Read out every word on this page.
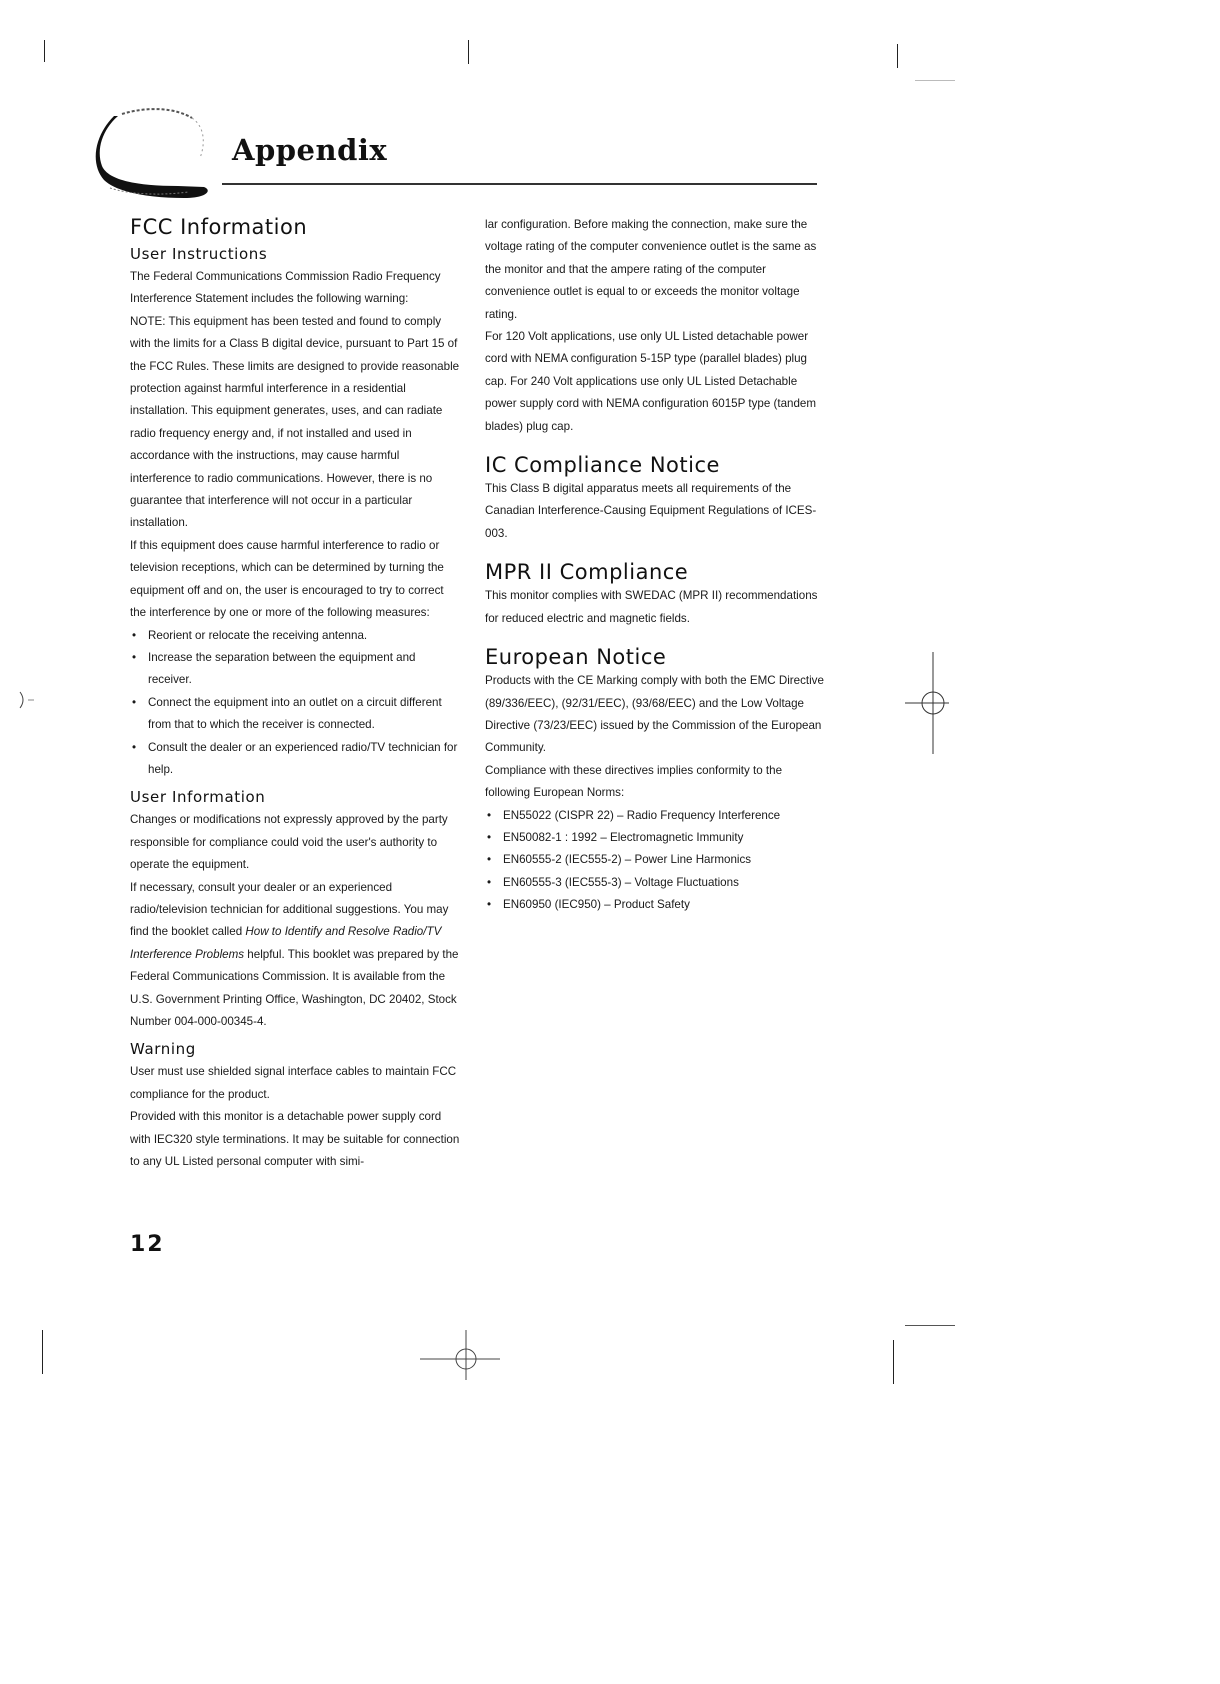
Appendix
FCC Information
User Instructions

The Federal Communications Commission Radio Frequency Interference Statement includes the following warning:

NOTE: This equipment has been tested and found to comply with the limits for a Class B digital device, pursuant to Part 15 of the FCC Rules. These limits are designed to provide reasonable protection against harmful interference in a residential installation. This equipment generates, uses, and can radiate radio frequency energy and, if not installed and used in accordance with the instructions, may cause harmful interference to radio communications. However, there is no guarantee that interference will not occur in a particular installation.

If this equipment does cause harmful interference to radio or television receptions, which can be determined by turning the equipment off and on, the user is encouraged to try to correct the interference by one or more of the following measures:

• Reorient or relocate the receiving antenna.
• Increase the separation between the equipment and receiver.
• Connect the equipment into an outlet on a circuit different from that to which the receiver is connected.
• Consult the dealer or an experienced radio/TV technician for help.
User Information

Changes or modifications not expressly approved by the party responsible for compliance could void the user's authority to operate the equipment.

If necessary, consult your dealer or an experienced radio/television technician for additional suggestions. You may find the booklet called How to Identify and Resolve Radio/TV Interference Problems helpful. This booklet was prepared by the Federal Communications Commission. It is available from the U.S. Government Printing Office, Washington, DC 20402, Stock Number 004-000-00345-4.

Warning

User must use shielded signal interface cables to maintain FCC compliance for the product.

Provided with this monitor is a detachable power supply cord with IEC320 style terminations. It may be suitable for connection to any UL Listed personal computer with simi-

lar configuration. Before making the connection, make sure the voltage rating of the computer convenience outlet is the same as the monitor and that the ampere rating of the computer convenience outlet is equal to or exceeds the monitor voltage rating.

For 120 Volt applications, use only UL Listed detachable power cord with NEMA configuration 5-15P type (parallel blades) plug cap. For 240 Volt applications use only UL Listed Detachable power supply cord with NEMA configuration 6015P type (tandem blades) plug cap.

IC Compliance Notice

This Class B digital apparatus meets all requirements of the Canadian Interference-Causing Equipment Regulations of ICES-003.

MPR II Compliance

This monitor complies with SWEDAC (MPR II) recommendations for reduced electric and magnetic fields.

European Notice

Products with the CE Marking comply with both the EMC Directive (89/336/EEC), (92/31/EEC), (93/68/EEC) and the Low Voltage Directive (73/23/EEC) issued by the Commission of the European Community.

Compliance with these directives implies conformity to the following European Norms:

• EN55022 (CISPR 22) – Radio Frequency Interference
• EN50082-1 : 1992 – Electromagnetic Immunity
• EN60555-2 (IEC555-2) – Power Line Harmonics
• EN60555-3 (IEC555-3) – Voltage Fluctuations
• EN60950 (IEC950) – Product Safety
12
